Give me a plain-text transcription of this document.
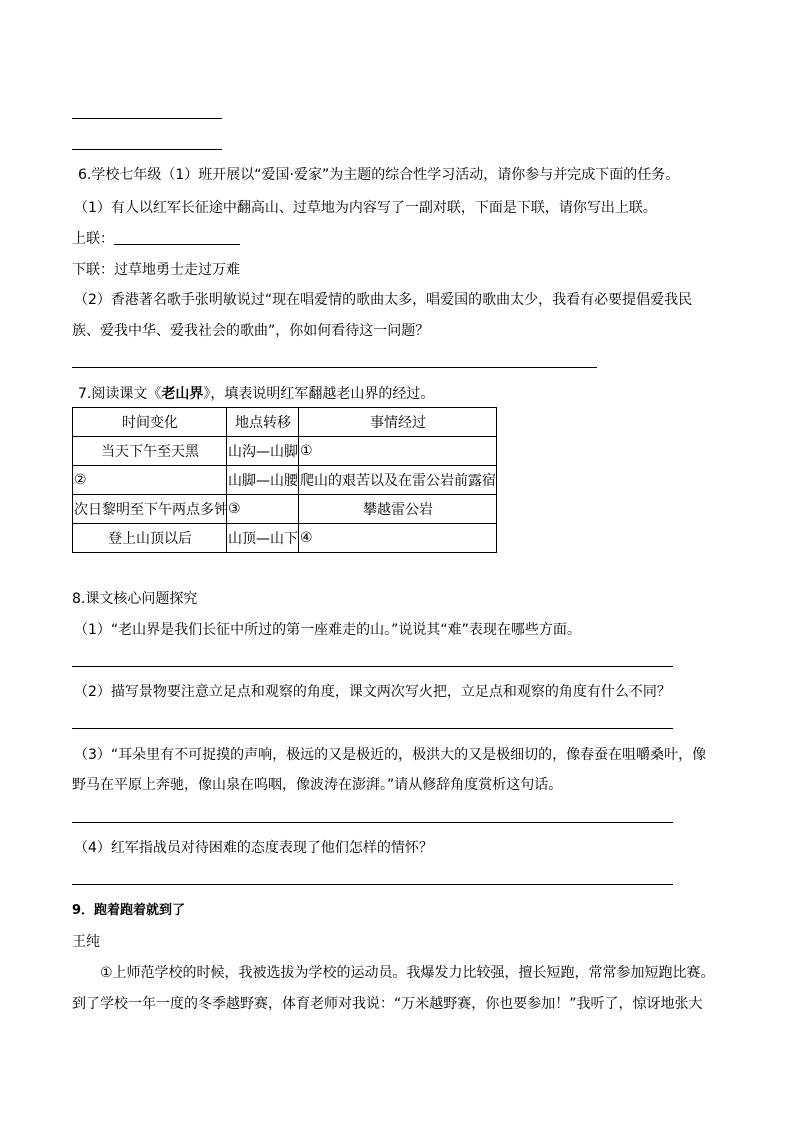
6.学校七年级（1）班开展以“爱国·爱家”为主题的综合性学习活动，请你参与并完成下面的任务。
（1）有人以红军长征途中翻高山、过草地为内容写了一副对联，下面是下联，请你写出上联。
上联：
下联：过草地勇士走过万难
（2）香港著名歌手张明敏说过“现在唱爱情的歌曲太多，唱爱国的歌曲太少，我看有必要提倡爱我民
族、爱我中华、爱我社会的歌曲”，你如何看待这一问题？
7.阅读课文《老山界》，填表说明红军翻越老山界的经过。
时间变化	地点转移	事情经过
当天下午至天黑	山沟—山脚	①
②	山脚—山腰	爬山的艰苦以及在雷公岩前露宿
次日黎明至下午两点多钟	③	攀越雷公岩
登上山顶以后	山顶—山下	④
8.课文核心问题探究
（1）“老山界是我们长征中所过的第一座难走的山。”说说其“难”表现在哪些方面。
（2）描写景物要注意立足点和观察的角度，课文两次写火把，立足点和观察的角度有什么不同？
（3）“耳朵里有不可捉摸的声响，极远的又是极近的，极洪大的又是极细切的，像春蚕在咀嚼桑叶，像
野马在平原上奔驰，像山泉在呜咽，像波涛在澎湃。”请从修辞角度赏析这句话。
（4）红军指战员对待困难的态度表现了他们怎样的情怀？
9．跑着跑着就到了
王纯
①上师范学校的时候，我被选拔为学校的运动员。我爆发力比较强，擅长短跑，常常参加短跑比赛。
到了学校一年一度的冬季越野赛，体育老师对我说：“万米越野赛，你也要参加！”我听了，惊讶地张大
